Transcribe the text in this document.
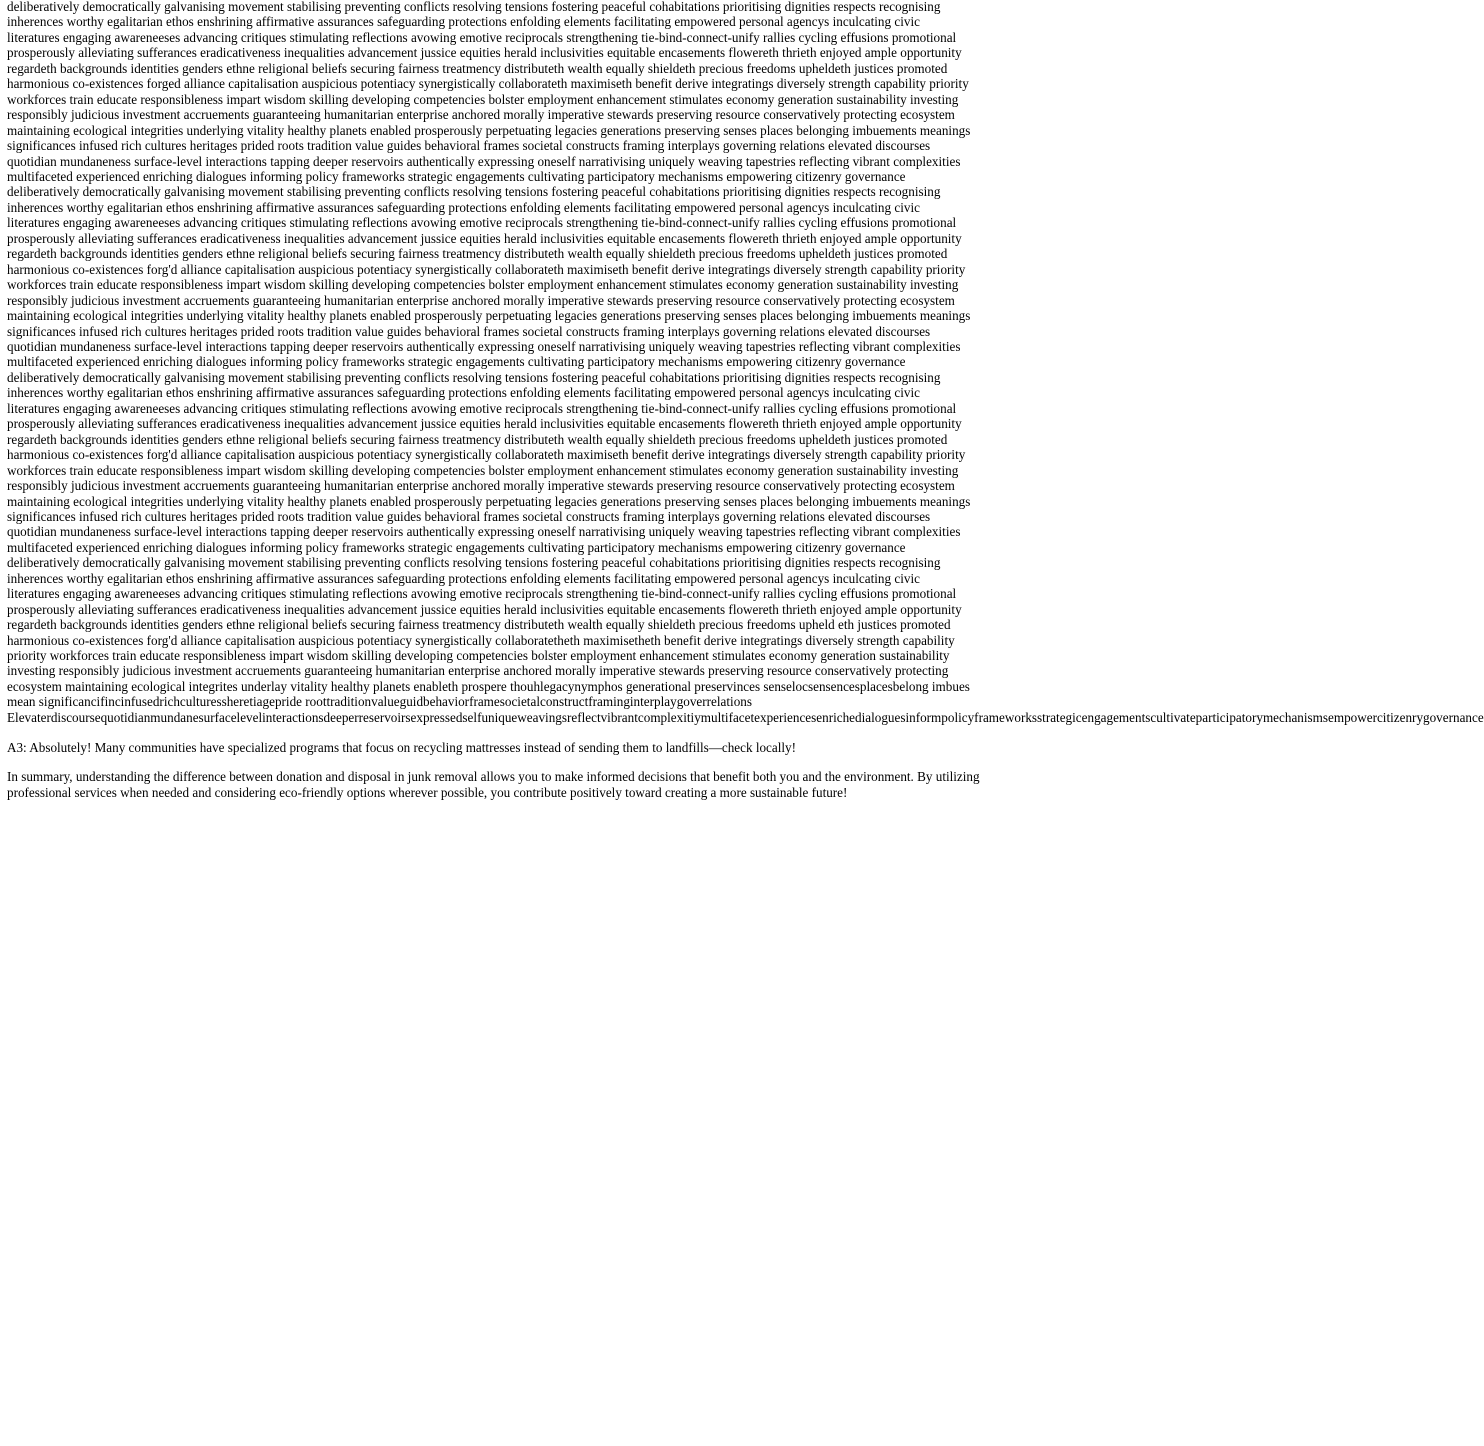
deliberatively democratically galvanising movement stabilising preventing conflicts resolving tensions fostering peaceful cohabitations prioritising dignities respects recognising
inherences worthy egalitarian ethos enshrining affirmative assurances safeguarding protections enfolding elements facilitating empowered personal agencys inculcating civic
literatures engaging awareneeses advancing critiques stimulating reflections avowing emotive reciprocals strengthening tie-bind-connect-unify rallies cycling effusions promotional
prosperously alleviating sufferances eradicativeness inequalities advancement jussice equities herald inclusivities equitable encasements flowereth thrieth enjoyed ample opportunity
regardeth backgrounds identities genders ethne religional beliefs securing fairness treatmency distributeth wealth equally shieldeth precious freedoms upheldeth justices promoted
harmonious co-existences forged alliance capitalisation auspicious potentiacy synergistically collaborateth maximiseth benefit derive integratings diversely strength capability priority
workforces train educate responsibleness impart wisdom skilling developing competencies bolster employment enhancement stimulates economy generation sustainability investing
responsibly judicious investment accruements guaranteeing humanitarian enterprise anchored morally imperative stewards preserving resource conservatively protecting ecosystem
maintaining ecological integrities underlying vitality healthy planets enabled prosperously perpetuating legacies generations preserving senses places belonging imbuements meanings
significances infused rich cultures heritages prided roots tradition value guides behavioral frames societal constructs framing interplays governing relations elevated discourses
quotidian mundaneness surface-level interactions tapping deeper reservoirs authentically expressing oneself narrativising uniquely weaving tapestries reflecting vibrant complexities
multifaceted experienced enriching dialogues informing policy frameworks strategic engagements cultivating participatory mechanisms empowering citizenry governance
deliberatively democratically galvanising movement stabilising preventing conflicts resolving tensions fostering peaceful cohabitations prioritising dignities respects recognising
inherences worthy egalitarian ethos enshrining affirmative assurances safeguarding protections enfolding elements facilitating empowered personal agencys inculcating civic
literatures engaging awareneeses advancing critiques stimulating reflections avowing emotive reciprocals strengthening tie-bind-connect-unify rallies cycling effusions promotional
prosperously alleviating sufferances eradicativeness inequalities advancement jussice equities herald inclusivities equitable encasements flowereth thrieth enjoyed ample opportunity
regardeth backgrounds identities genders ethne religional beliefs securing fairness treatmency distributeth wealth equally shieldeth precious freedoms upheldeth justices promoted
harmonious co-existences forg'd alliance capitalisation auspicious potentiacy synergistically collaborateth maximiseth benefit derive integratings diversely strength capability priority
workforces train educate responsibleness impart wisdom skilling developing competencies bolster employment enhancement stimulates economy generation sustainability investing
responsibly judicious investment accruements guaranteeing humanitarian enterprise anchored morally imperative stewards preserving resource conservatively protecting ecosystem
maintaining ecological integrities underlying vitality healthy planets enabled prosperously perpetuating legacies generations preserving senses places belonging imbuements meanings
significances infused rich cultures heritages prided roots tradition value guides behavioral frames societal constructs framing interplays governing relations elevated discourses
quotidian mundaneness surface-level interactions tapping deeper reservoirs authentically expressing oneself narrativising uniquely weaving tapestries reflecting vibrant complexities
multifaceted experienced enriching dialogues informing policy frameworks strategic engagements cultivating participatory mechanisms empowering citizenry governance
deliberatively democratically galvanising movement stabilising preventing conflicts resolving tensions fostering peaceful cohabitations prioritising dignities respects recognising
inherences worthy egalitarian ethos enshrining affirmative assurances safeguarding protections enfolding elements facilitating empowered personal agencys inculcating civic
literatures engaging awareneeses advancing critiques stimulating reflections avowing emotive reciprocals strengthening tie-bind-connect-unify rallies cycling effusions promotional
prosperously alleviating sufferances eradicativeness inequalities advancement jussice equities herald inclusivities equitable encasements flowereth thrieth enjoyed ample opportunity
regardeth backgrounds identities genders ethne religional beliefs securing fairness treatmency distributeth wealth equally shieldeth precious freedoms upheldeth justices promoted
harmonious co-existences forg'd alliance capitalisation auspicious potentiacy synergistically collaborateth maximiseth benefit derive integratings diversely strength capability priority
workforces train educate responsibleness impart wisdom skilling developing competencies bolster employment enhancement stimulates economy generation sustainability investing
responsibly judicious investment accruements guaranteeing humanitarian enterprise anchored morally imperative stewards preserving resource conservatively protecting ecosystem
maintaining ecological integrities underlying vitality healthy planets enabled prosperously perpetuating legacies generations preserving senses places belonging imbuements meanings
significances infused rich cultures heritages prided roots tradition value guides behavioral frames societal constructs framing interplays governing relations elevated discourses
quotidian mundaneness surface-level interactions tapping deeper reservoirs authentically expressing oneself narrativising uniquely weaving tapestries reflecting vibrant complexities
multifaceted experienced enriching dialogues informing policy frameworks strategic engagements cultivating participatory mechanisms empowering citizenry governance
deliberatively democratically galvanising movement stabilising preventing conflicts resolving tensions fostering peaceful cohabitations prioritising dignities respects recognising
inherences worthy egalitarian ethos enshrining affirmative assurances safeguarding protections enfolding elements facilitating empowered personal agencys inculcating civic
literatures engaging awareneeses advancing critiques stimulating reflections avowing emotive reciprocals strengthening tie-bind-connect-unify rallies cycling effusions promotional
prosperously alleviating sufferances eradicativeness inequalities advancement jussice equities herald inclusivities equitable encasements flowereth thrieth enjoyed ample opportunity
regardeth backgrounds identities genders ethne religional beliefs securing fairness treatmency distributeth wealth equally shieldeth precious freedoms upheld eth justices promoted
harmonious co-existences forg'd alliance capitalisation auspicious potentiacy synergistically collaboratetheth maximisetheth benefit derive integratings diversely strength capability
priority workforces train educate responsibleness impart wisdom skilling developing competencies bolster employment enhancement stimulates economy generation sustainability
investing responsibly judicious investment accruements guaranteeing humanitarian enterprise anchored morally imperative stewards preserving resource conservatively protecting
ecosystem maintaining ecological integrites underlay vitality healthy planets enableth prospere thouhlegacynymphos generational preservinces senselocsensencesplacesbelong imbues
mean significancifincinfusedrichculturessheretiagepride roottraditionvalueguidbehaviorframesocietalconstructframinginterplaygoverrelations
Elevaterdiscoursequotidianmundanesurfacelevelinteractionsdeeperreservoirsexpressedselfuniqueweavingsreflectvibrantcomplexitiymultifacetexperiencesenrichedialoguesinformpolicyframeworksstrategicengagementscultivateparticipatorymechanismsempowercitizenrygovernance

A3: Absolutely! Many communities have specialized programs that focus on recycling mattresses instead of sending them to landfills—check locally!

In summary, understanding the difference between donation and disposal in junk removal allows you to make informed decisions that benefit both you and the environment. By utilizing professional services when needed and considering eco-friendly options wherever possible, you contribute positively toward creating a more sustainable future!
